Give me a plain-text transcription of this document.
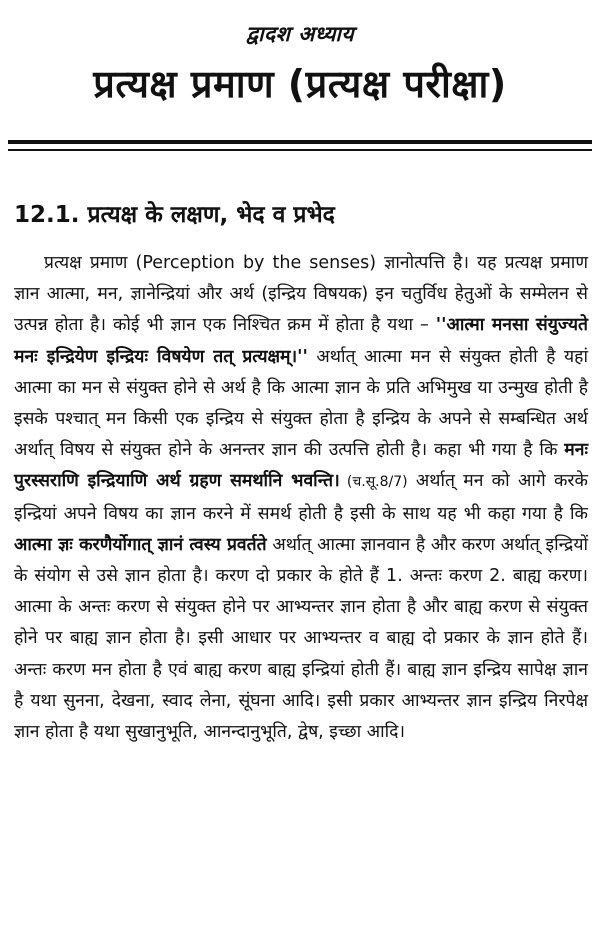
द्वादश अध्याय
प्रत्यक्ष प्रमाण (प्रत्यक्ष परीक्षा)
12.1. प्रत्यक्ष के लक्षण, भेद व प्रभेद
प्रत्यक्ष प्रमाण (Perception by the senses) ज्ञानोत्पत्ति है। यह प्रत्यक्ष प्रमाण ज्ञान आत्मा, मन, ज्ञानेन्द्रियां और अर्थ (इन्द्रिय विषयक) इन चतुर्विध हेतुओं के सम्मेलन से उत्पन्न होता है। कोई भी ज्ञान एक निश्चित क्रम में होता है यथा – ''आत्मा मनसा संयुज्यते मनः इन्द्रियेण इन्द्रियः विषयेण तत् प्रत्यक्षम्।'' अर्थात् आत्मा मन से संयुक्त होती है यहां आत्मा का मन से संयुक्त होने से अर्थ है कि आत्मा ज्ञान के प्रति अभिमुख या उन्मुख होती है इसके पश्चात् मन किसी एक इन्द्रिय से संयुक्त होता है इन्द्रिय के अपने से सम्बन्धित अर्थ अर्थात् विषय से संयुक्त होने के अनन्तर ज्ञान की उत्पत्ति होती है। कहा भी गया है कि मनः पुरस्सराणि इन्द्रियाणि अर्थ ग्रहण समर्थानि भवन्ति। (च.सू.8/7) अर्थात् मन को आगे करके इन्द्रियां अपने विषय का ज्ञान करने में समर्थ होती है इसी के साथ यह भी कहा गया है कि आत्मा ज्ञः करणैर्योगात् ज्ञानं त्वस्य प्रवर्तते अर्थात् आत्मा ज्ञानवान है और करण अर्थात् इन्द्रियों के संयोग से उसे ज्ञान होता है। करण दो प्रकार के होते हैं 1. अन्तः करण 2. बाह्य करण। आत्मा के अन्तः करण से संयुक्त होने पर आभ्यन्तर ज्ञान होता है और बाह्य करण से संयुक्त होने पर बाह्य ज्ञान होता है। इसी आधार पर आभ्यन्तर व बाह्य दो प्रकार के ज्ञान होते हैं। अन्तः करण मन होता है एवं बाह्य करण बाह्य इन्द्रियां होती हैं। बाह्य ज्ञान इन्द्रिय सापेक्ष ज्ञान है यथा सुनना, देखना, स्वाद लेना, सूंघना आदि। इसी प्रकार आभ्यन्तर ज्ञान इन्द्रिय निरपेक्ष ज्ञान होता है यथा सुखानुभूति, आनन्दानुभूति, द्वेष, इच्छा आदि।
